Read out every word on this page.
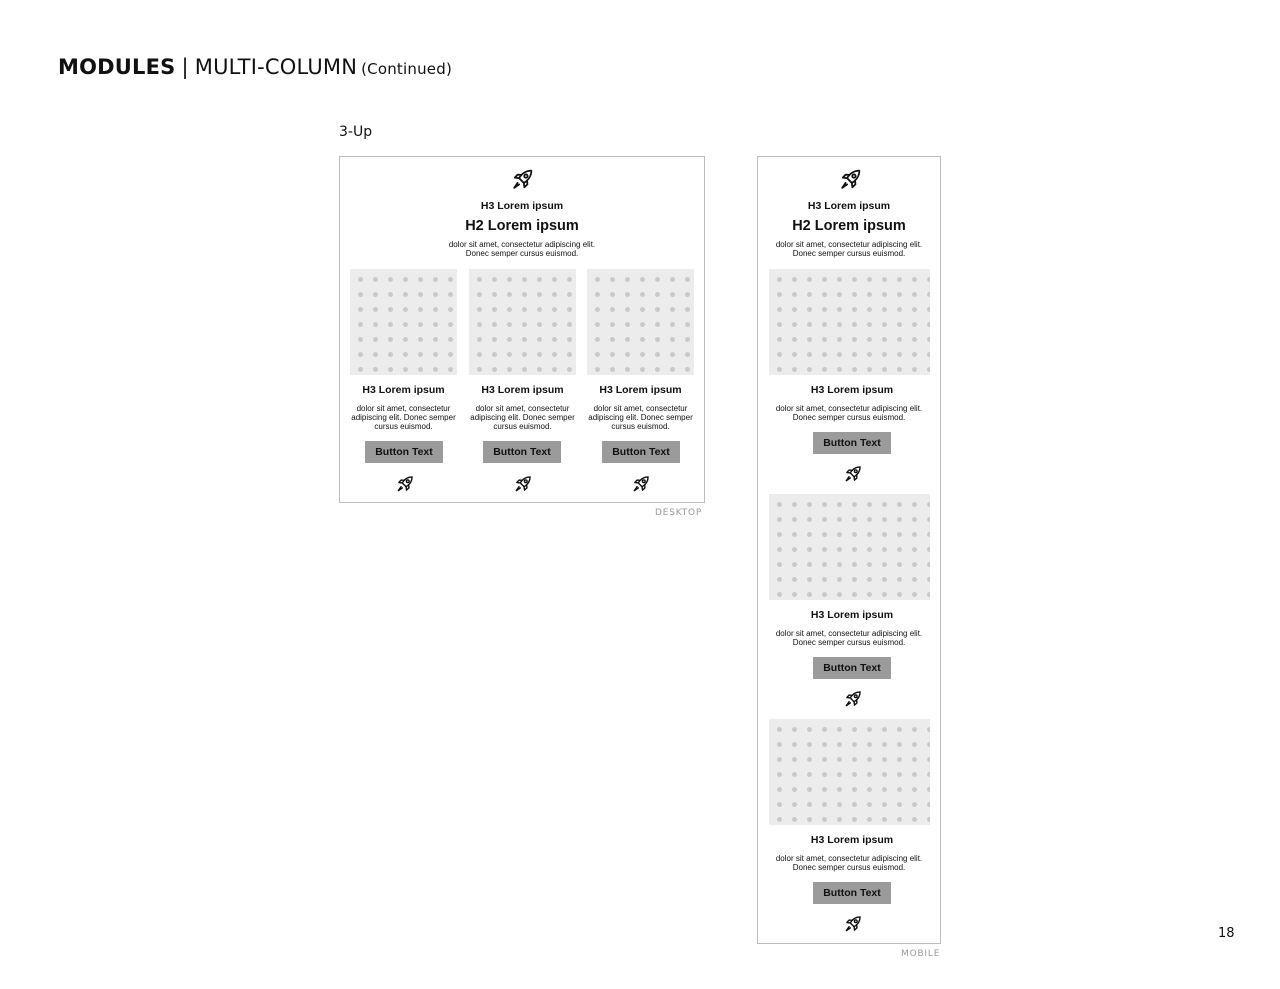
MODULES | MULTI-COLUMN (Continued)
3-Up
H3 Lorem ipsum
H2 Lorem ipsum
dolor sit amet, consectetur adipiscing elit.
Donec semper cursus euismod.
H3 Lorem ipsum
dolor sit amet, consectetur
adipiscing elit. Donec semper
cursus euismod.
Button Text
H3 Lorem ipsum
dolor sit amet, consectetur
adipiscing elit. Donec semper
cursus euismod.
Button Text
H3 Lorem ipsum
dolor sit amet, consectetur
adipiscing elit. Donec semper
cursus euismod.
Button Text
DESKTOP
H3 Lorem ipsum
H2 Lorem ipsum
dolor sit amet, consectetur adipiscing elit.
Donec semper cursus euismod.
H3 Lorem ipsum
dolor sit amet, consectetur adipiscing elit.
Donec semper cursus euismod.
Button Text
H3 Lorem ipsum
dolor sit amet, consectetur adipiscing elit.
Donec semper cursus euismod.
Button Text
H3 Lorem ipsum
dolor sit amet, consectetur adipiscing elit.
Donec semper cursus euismod.
Button Text
MOBILE
18
